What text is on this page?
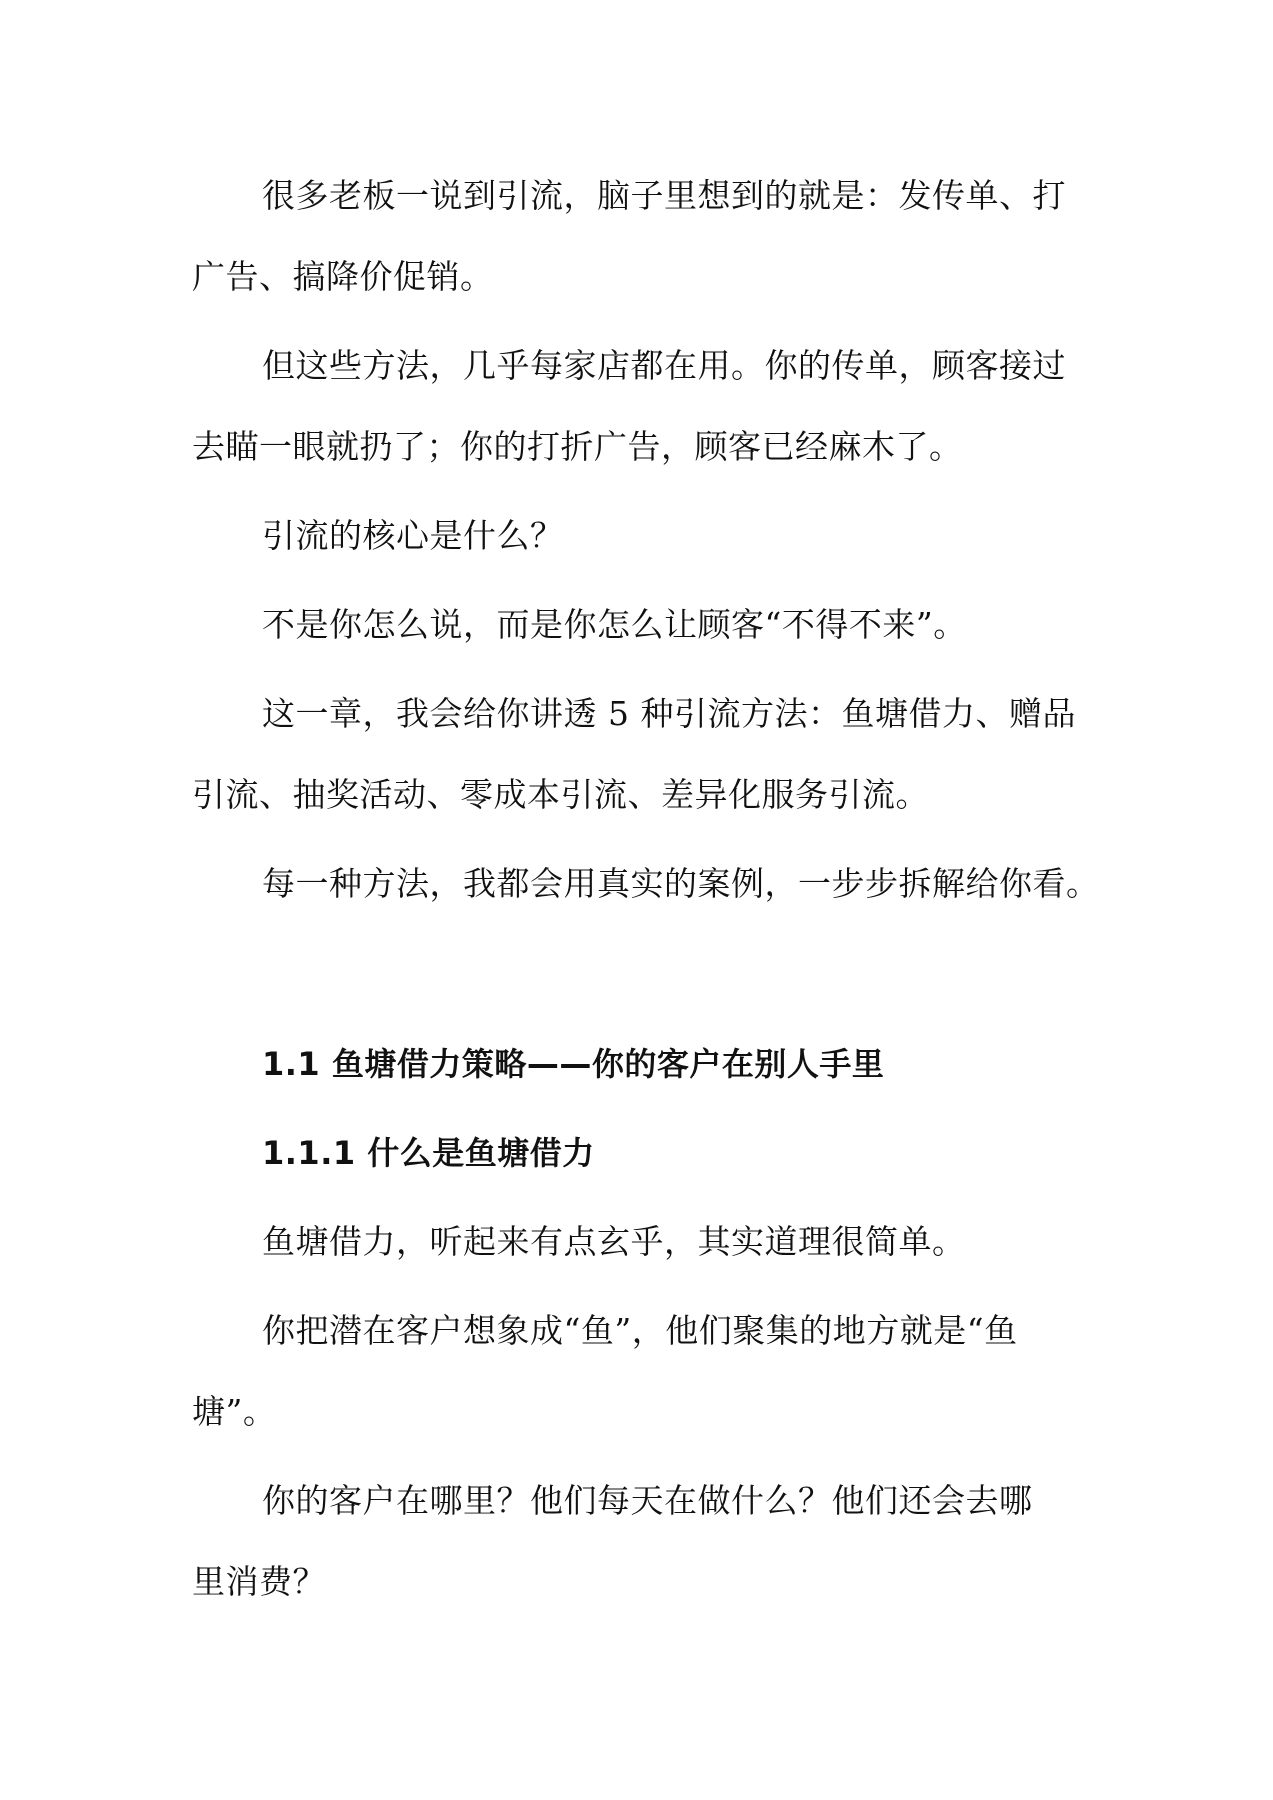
很多老板一说到引流，脑子里想到的就是：发传单、打
广告、搞降价促销。
但这些方法，几乎每家店都在用。你的传单，顾客接过
去瞄一眼就扔了；你的打折广告，顾客已经麻木了。
引流的核心是什么？
不是你怎么说，而是你怎么让顾客“不得不来”。
这一章，我会给你讲透 5 种引流方法：鱼塘借力、赠品
引流、抽奖活动、零成本引流、差异化服务引流。
每一种方法，我都会用真实的案例，一步步拆解给你看。
1.1 鱼塘借力策略——你的客户在别人手里
1.1.1 什么是鱼塘借力
鱼塘借力，听起来有点玄乎，其实道理很简单。
你把潜在客户想象成“鱼”，他们聚集的地方就是“鱼
塘”。
你的客户在哪里？他们每天在做什么？他们还会去哪
里消费？
